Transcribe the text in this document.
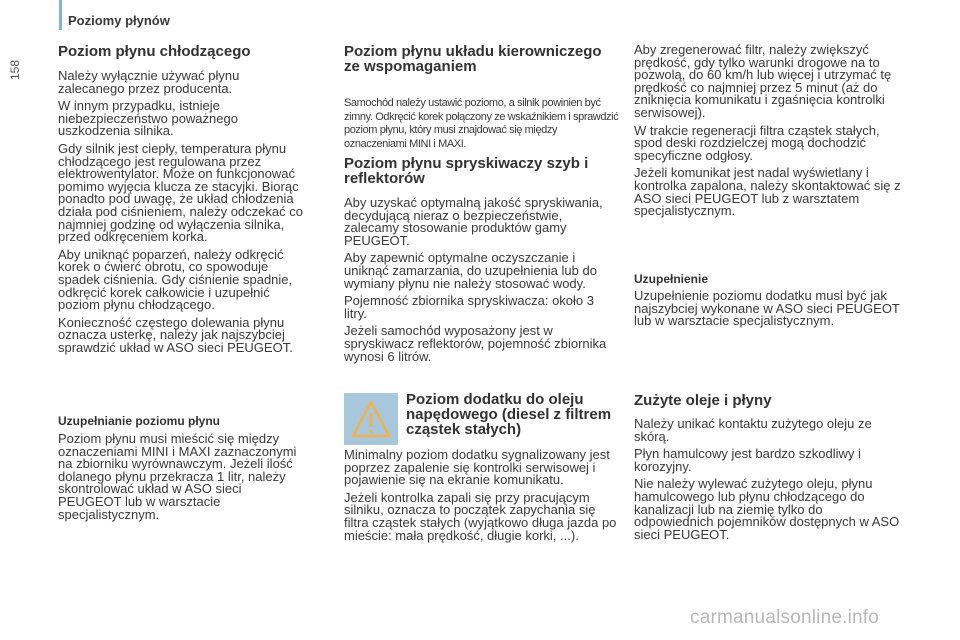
Poziomy płynów
158
Poziom płynu chłodzącego

Należy wyłącznie używać płynu zalecanego przez producenta.

W innym przypadku, istnieje niebezpieczeństwo poważnego uszkodzenia silnika.

Gdy silnik jest ciepły, temperatura płynu chłodzącego jest regulowana przez elektrowentylator. Może on funkcjonować pomimo wyjęcia klucza ze stacyjki. Biorąc ponadto pod uwagę, że układ chłodzenia działa pod ciśnieniem, należy odczekać co najmniej godzinę od wyłączenia silnika, przed odkręceniem korka.

Aby uniknąć poparzeń, należy odkręcić korek o ćwierć obrotu, co spowoduje spadek ciśnienia. Gdy ciśnienie spadnie, odkręcić korek całkowicie i uzupełnić poziom płynu chłodzącego.

Konieczność częstego dolewania płynu oznacza usterkę, należy jak najszybciej sprawdzić układ w ASO sieci PEUGEOT.

Uzupełnianie poziomu płynu

Poziom płynu musi mieścić się między oznaczeniami MINI i MAXI zaznaczonymi na zbiorniku wyrównawczym. Jeżeli ilość dolanego płynu przekracza 1 litr, należy skontrolować układ w ASO sieci PEUGEOT lub w warsztacie specjalistycznym.

Poziom płynu układu kierowniczego ze wspomaganiem

Samochód należy ustawić poziomo, a silnik powinien być zimny. Odkręcić korek połączony ze wskaźnikiem i sprawdzić poziom płynu, który musi znajdować się między oznaczeniami MINI i MAXI.

Poziom płynu spryskiwaczy szyb i reflektorów

Aby uzyskać optymalną jakość spryskiwania, decydującą nieraz o bezpieczeństwie, zalecamy stosowanie produktów gamy PEUGEOT.

Aby zapewnić optymalne oczyszczanie i uniknąć zamarzania, do uzupełnienia lub do wymiany płynu nie należy stosować wody.

Pojemność zbiornika spryskiwacza: około 3 litry.

Jeżeli samochód wyposażony jest w spryskiwacz reflektorów, pojemność zbiornika wynosi 6 litrów.

Poziom dodatku do oleju napędowego (diesel z filtrem cząstek stałych)

Minimalny poziom dodatku sygnalizowany jest poprzez zapalenie się kontrolki serwisowej i pojawienie się na ekranie komunikatu.

Jeżeli kontrolka zapali się przy pracującym silniku, oznacza to początek zapychania się filtra cząstek stałych (wyjątkowo długa jazda po mieście: mała prędkość, długie korki, ...).

Aby zregenerować filtr, należy zwiększyć prędkość, gdy tylko warunki drogowe na to pozwolą, do 60 km/h lub więcej i utrzymać tę prędkość co najmniej przez 5 minut (aż do zniknięcia komunikatu i zgaśnięcia kontrolki serwisowej).

W trakcie regeneracji filtra cząstek stałych, spod deski rozdzielczej mogą dochodzić specyficzne odgłosy.

Jeżeli komunikat jest nadal wyświetlany i kontrolka zapalona, należy skontaktować się z ASO sieci PEUGEOT lub z warsztatem specjalistycznym.

Uzupełnienie

Uzupełnienie poziomu dodatku musi być jak najszybciej wykonane w ASO sieci PEUGEOT lub w warsztacie specjalistycznym.

Zużyte oleje i płyny

Należy unikać kontaktu zużytego oleju ze skórą.

Płyn hamulcowy jest bardzo szkodliwy i korozyjny.

Nie należy wylewać zużytego oleju, płynu hamulcowego lub płynu chłodzącego do kanalizacji lub na ziemię tylko do odpowiednich pojemników dostępnych w ASO sieci PEUGEOT.

carmanualsonline.info
